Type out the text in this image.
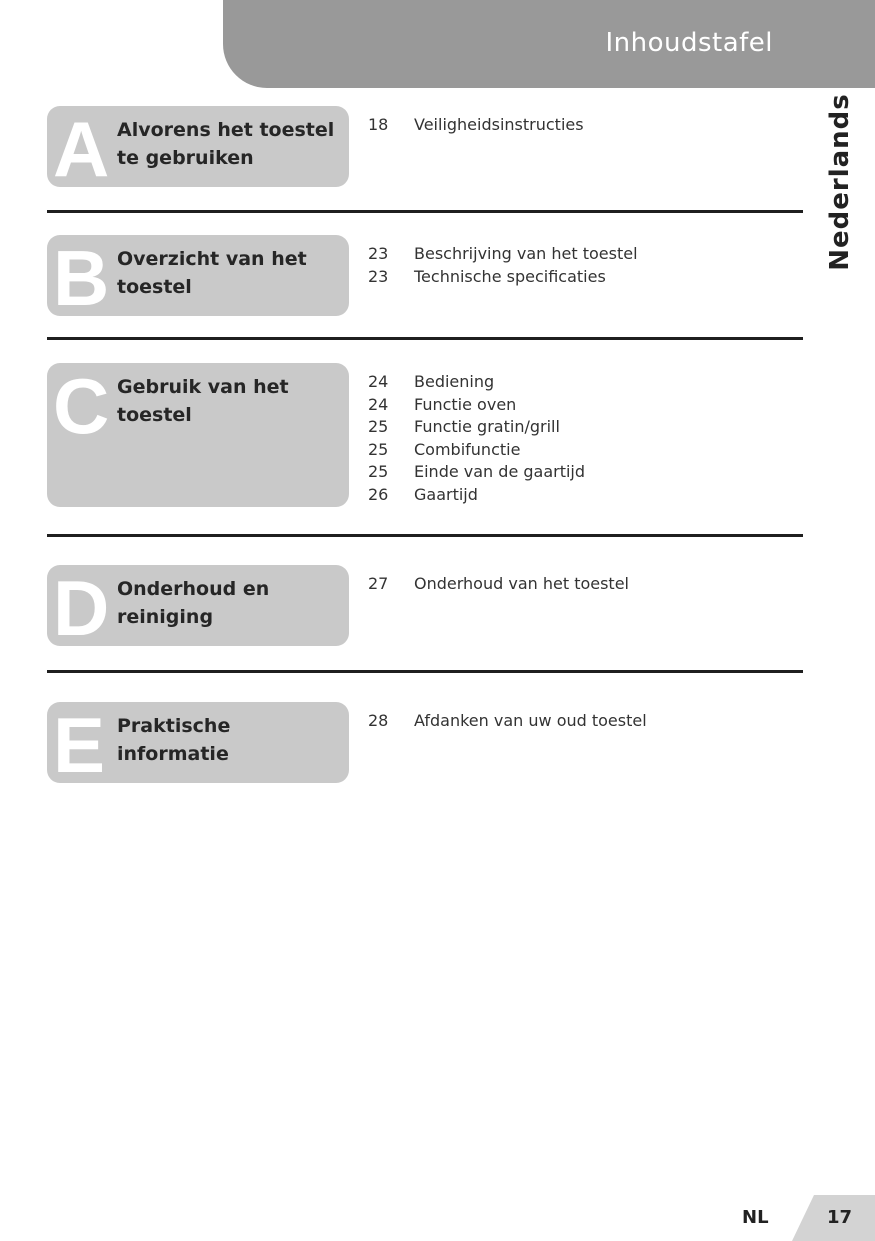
Inhoudstafel
Nederlands
A Alvorens het toestel
te gebruiken
18 Veiligheidsinstructies
B Overzicht van het
toestel
23 Beschrijving van het toestel
23 Technische specificaties
C Gebruik van het
toestel
24 Bediening
24 Functie oven
25 Functie gratin/grill
25 Combifunctie
25 Einde van de gaartijd
26 Gaartijd
D Onderhoud en
reiniging
27 Onderhoud van het toestel
E Praktische informatie
28 Afdanken van uw oud toestel
NL	17
